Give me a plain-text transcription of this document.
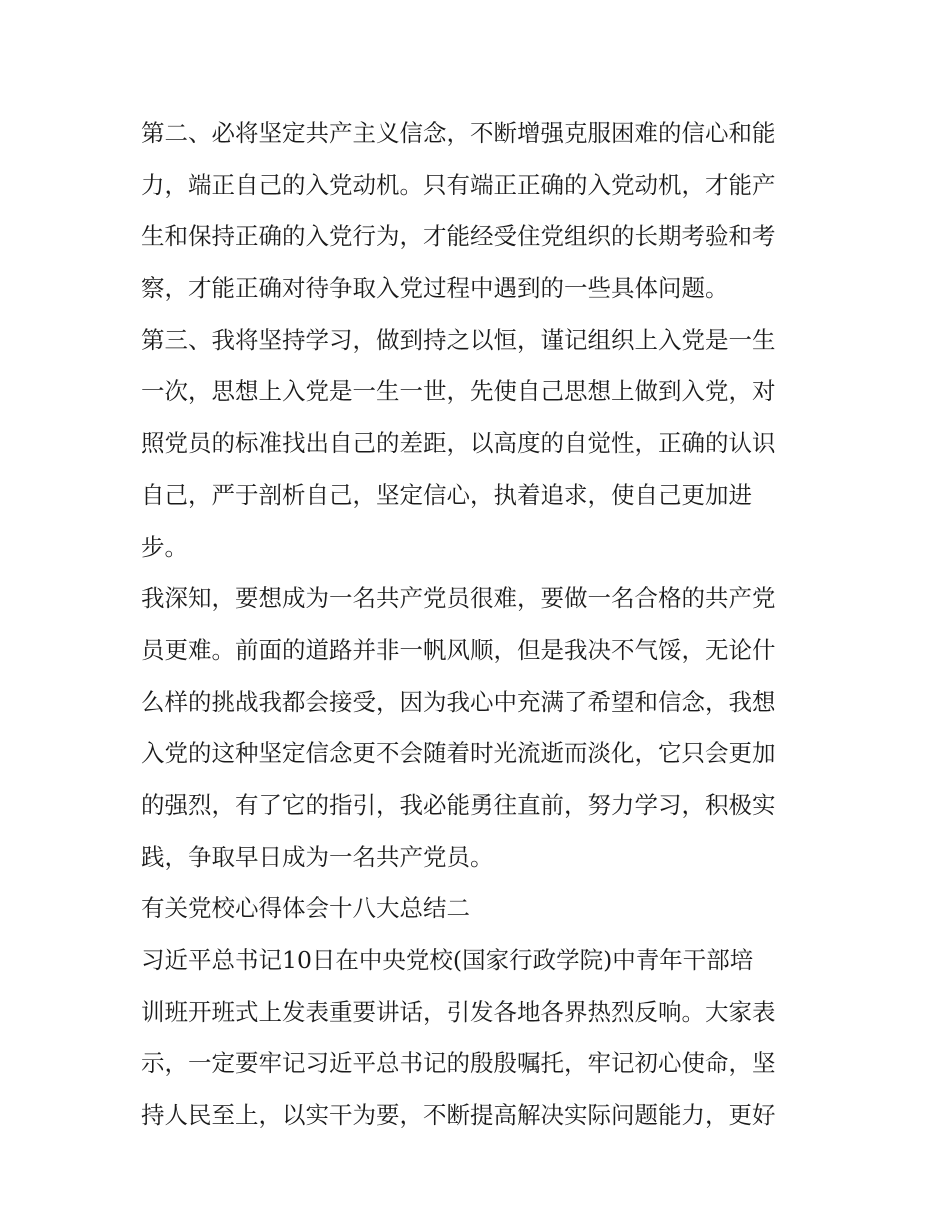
第二、必将坚定共产主义信念，不断增强克服困难的信心和能
力，端正自己的入党动机。只有端正正确的入党动机，才能产
生和保持正确的入党行为，才能经受住党组织的长期考验和考
察，才能正确对待争取入党过程中遇到的一些具体问题。
第三、我将坚持学习，做到持之以恒，谨记组织上入党是一生
一次，思想上入党是一生一世，先使自己思想上做到入党，对
照党员的标准找出自己的差距，以高度的自觉性，正确的认识
自己，严于剖析自己，坚定信心，执着追求，使自己更加进
步。
我深知，要想成为一名共产党员很难，要做一名合格的共产党
员更难。前面的道路并非一帆风顺，但是我决不气馁，无论什
么样的挑战我都会接受，因为我心中充满了希望和信念，我想
入党的这种坚定信念更不会随着时光流逝而淡化，它只会更加
的强烈，有了它的指引，我必能勇往直前，努力学习，积极实
践，争取早日成为一名共产党员。
有关党校心得体会十八大总结二
习近平总书记10日在中央党校(国家行政学院)中青年干部培
训班开班式上发表重要讲话，引发各地各界热烈反响。大家表
示，一定要牢记习近平总书记的殷殷嘱托，牢记初心使命，坚
持人民至上，以实干为要，不断提高解决实际问题能力，更好
